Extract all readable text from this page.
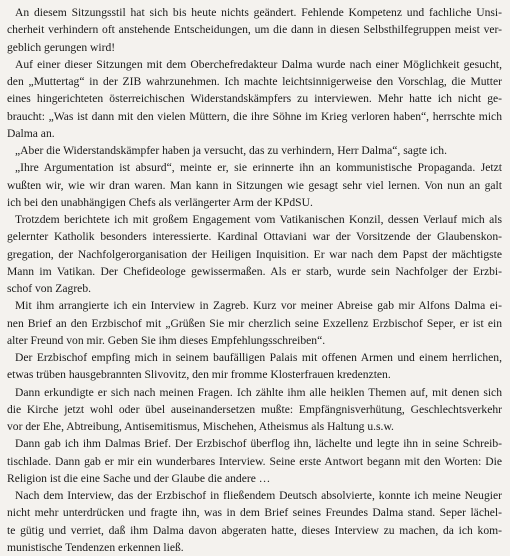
An diesem Sitzungsstil hat sich bis heute nichts geändert. Fehlende Kompetenz und fachliche Unsi-
cherheit verhindern oft anstehende Entscheidungen, um die dann in diesen Selbsthilfegruppen meist ver-
geblich gerungen wird!
Auf einer dieser Sitzungen mit dem Oberchefredakteur Dalma wurde nach einer Möglichkeit gesucht,
den „Muttertag“ in der ZIB wahrzunehmen. Ich machte leichtsinnigerweise den Vorschlag, die Mutter
eines hingerichteten österreichischen Widerstandskämpfers zu interviewen. Mehr hatte ich nicht ge-
braucht: „Was ist dann mit den vielen Müttern, die ihre Söhne im Krieg verloren haben“, herrschte mich
Dalma an.
„Aber die Widerstandskämpfer haben ja versucht, das zu verhindern, Herr Dalma“, sagte ich.
„Ihre Argumentation ist absurd“, meinte er, sie erinnerte ihn an kommunistische Propaganda. Jetzt
wußten wir, wie wir dran waren. Man kann in Sitzungen wie gesagt sehr viel lernen. Von nun an galt
ich bei den unabhängigen Chefs als verlängerter Arm der KPdSU.
Trotzdem berichtete ich mit großem Engagement vom Vatikanischen Konzil, dessen Verlauf mich als
gelernter Katholik besonders interessierte. Kardinal Ottaviani war der Vorsitzende der Glaubenskon-
gregation, der Nachfolgerorganisation der Heiligen Inquisition. Er war nach dem Papst der mächtigste
Mann im Vatikan. Der Chefideologe gewissermaßen. Als er starb, wurde sein Nachfolger der Erzbi-
schof von Zagreb.
Mit ihm arrangierte ich ein Interview in Zagreb. Kurz vor meiner Abreise gab mir Alfons Dalma ei-
nen Brief an den Erzbischof mit „Grüßen Sie mir cherzlich seine Exzellenz Erzbischof Seper, er ist ein
alter Freund von mir. Geben Sie ihm dieses Empfehlungsschreiben“.
Der Erzbischof empfing mich in seinem baufälligen Palais mit offenen Armen und einem herrlichen,
etwas trüben hausgebrannten Slivovitz, den mir fromme Klosterfrauen kredenzten.
Dann erkundigte er sich nach meinen Fragen. Ich zählte ihm alle heiklen Themen auf, mit denen sich
die Kirche jetzt wohl oder übel auseinandersetzen mußte: Empfängnisverhütung, Geschlechtsverkehr
vor der Ehe, Abtreibung, Antisemitismus, Mischehen, Atheismus als Haltung u.s.w.
Dann gab ich ihm Dalmas Brief. Der Erzbischof überflog ihn, lächelte und legte ihn in seine Schreib-
tischlade. Dann gab er mir ein wunderbares Interview. Seine erste Antwort begann mit den Worten: Die
Religion ist die eine Sache und der Glaube die andere …
Nach dem Interview, das der Erzbischof in fließendem Deutsch absolvierte, konnte ich meine Neugier
nicht mehr unterdrücken und fragte ihn, was in dem Brief seines Freundes Dalma stand. Seper lächel-
te gütig und verriet, daß ihm Dalma davon abgeraten hatte, dieses Interview zu machen, da ich kom-
munistische Tendenzen erkennen ließ.
